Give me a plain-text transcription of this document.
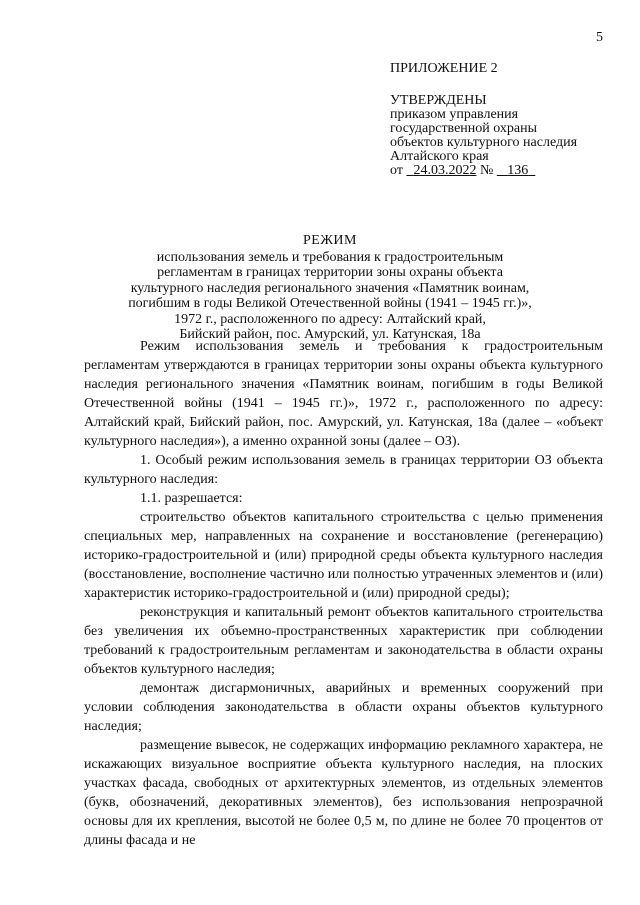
5
ПРИЛОЖЕНИЕ 2
УТВЕРЖДЕНЫ
приказом управления
государственной охраны
объектов культурного наследия
Алтайского края
от 24.03.2022 № 136
РЕЖИМ
использования земель и требования к градостроительным
регламентам в границах территории зоны охраны объекта
культурного наследия регионального значения «Памятник воинам,
погибшим в годы Великой Отечественной войны (1941 – 1945 гг.)»,
1972 г., расположенного по адресу: Алтайский край,
Бийский район, пос. Амурский, ул. Катунская, 18а

Режим использования земель и требования к градостроительным регламентам утверждаются в границах территории зоны охраны объекта культурного наследия регионального значения «Памятник воинам, погибшим в годы Великой Отечественной войны (1941 – 1945 гг.)», 1972 г., расположенного по адресу: Алтайский край, Бийский район, пос. Амурский, ул. Катунская, 18а (далее – «объект культурного наследия»), а именно охранной зоны (далее – ОЗ).

1. Особый режим использования земель в границах территории ОЗ объекта культурного наследия:

1.1. разрешается:

строительство объектов капитального строительства с целью применения специальных мер, направленных на сохранение и восстановление (регенерацию) историко-градостроительной и (или) природной среды объекта культурного наследия (восстановление, восполнение частично или полностью утраченных элементов и (или) характеристик историко-градостроительной и (или) природной среды);

реконструкция и капитальный ремонт объектов капитального строительства без увеличения их объемно-пространственных характеристик при соблюдении требований к градостроительным регламентам и законодательства в области охраны объектов культурного наследия;

демонтаж дисгармоничных, аварийных и временных сооружений при условии соблюдения законодательства в области охраны объектов культурного наследия;

размещение вывесок, не содержащих информацию рекламного характера, не искажающих визуальное восприятие объекта культурного наследия, на плоских участках фасада, свободных от архитектурных элементов, из отдельных элементов (букв, обозначений, декоративных элементов), без использования непрозрачной основы для их крепления, высотой не более 0,5 м, по длине не более 70 процентов от длины фасада и не
